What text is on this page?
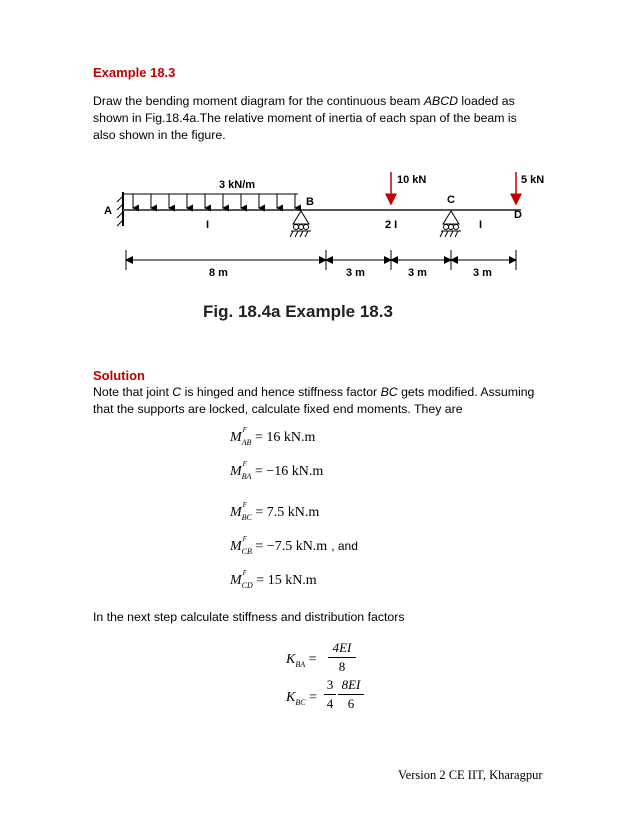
Example 18.3
Draw the bending moment diagram for the continuous beam ABCD loaded as
shown in Fig.18.4a.The relative moment of inertia of each span of the beam is
also shown in the figure.
3 kN/m	10 kN	5 kN
A
B	C
D
I	2 I	I
8 m	3 m	3 m	3 m
Fig. 18.4a Example 18.3
Solution
Note that joint C is hinged and hence stiffness factor BC gets modified. Assuming
that the supports are locked, calculate fixed end moments. They are
M F
$_{AB}$ = 16 kN.m
M F
$_{BA}$ = −16 kN.m
M F
$_{BC}$ = 7.5 kN.m
M F
$_{CB}$ = −7.5 kN.m , and
M F
$_{CD}$ = 15 kN.m
In the next step calculate stiffness and distribution factors
$K_{BA}$ =
4EI
8
$K_{BC}$ =
3
4
8EI
6
Version 2 CE IIT, Kharagpur
